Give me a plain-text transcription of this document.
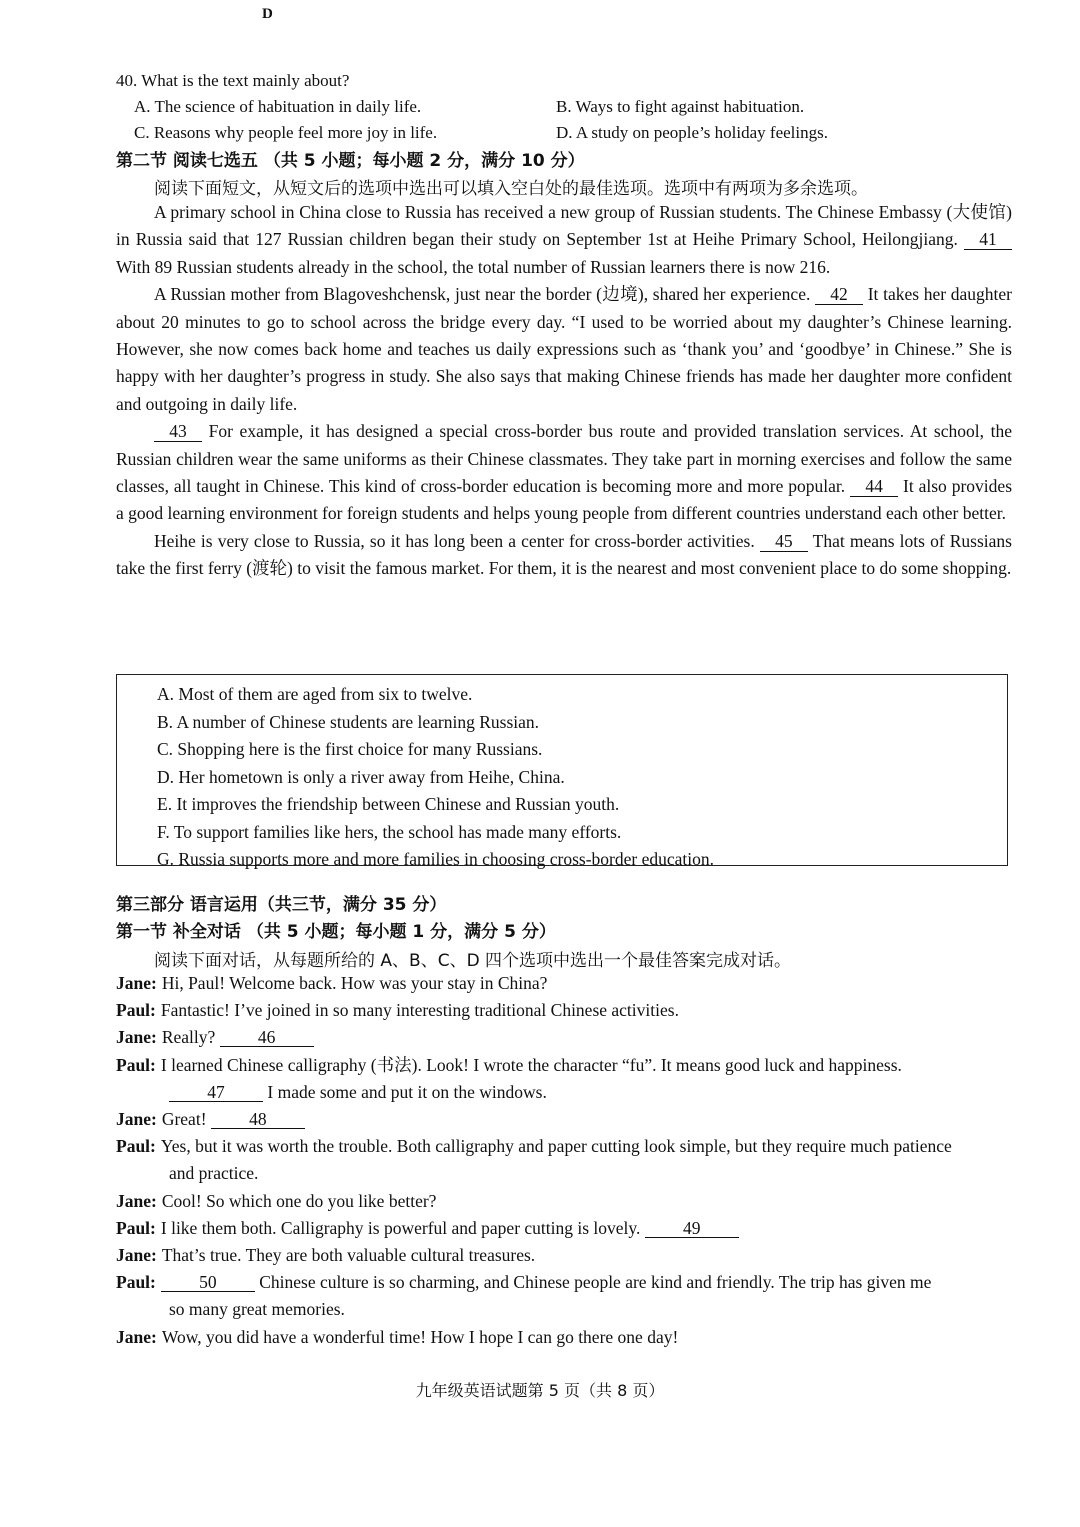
D
40. What is the text mainly about?
A. The science of habituation in daily life.	B. Ways to fight against habituation.
C. Reasons why people feel more joy in life.	D. A study on people’s holiday feelings.
第二节 阅读七选五 （共 5 小题；每小题 2 分，满分 10 分）
阅读下面短文，从短文后的选项中选出可以填入空白处的最佳选项。选项中有两项为多余选项。

A primary school in China close to Russia has received a new group of Russian students. The Chinese Embassy (大使馆) in Russia said that 127 Russian children began their study on September 1st at Heihe Primary School, Heilongjiang. 41 With 89 Russian students already in the school, the total number of Russian learners there is now 216.

A Russian mother from Blagoveshchensk, just near the border (边境), shared her experience. 42 It takes her daughter about 20 minutes to go to school across the bridge every day. “I used to be worried about my daughter’s Chinese learning. However, she now comes back home and teaches us daily expressions such as ‘thank you’ and ‘goodbye’ in Chinese.” She is happy with her daughter’s progress in study. She also says that making Chinese friends has made her daughter more confident and outgoing in daily life.

43 For example, it has designed a special cross-border bus route and provided translation services. At school, the Russian children wear the same uniforms as their Chinese classmates. They take part in morning exercises and follow the same classes, all taught in Chinese. This kind of cross-border education is becoming more and more popular. 44 It also provides a good learning environment for foreign students and helps young people from different countries understand each other better.

Heihe is very close to Russia, so it has long been a center for cross-border activities. 45 That means lots of Russians take the first ferry (渡轮) to visit the famous market. For them, it is the nearest and most convenient place to do some shopping.

A. Most of them are aged from six to twelve.
B. A number of Chinese students are learning Russian.
C. Shopping here is the first choice for many Russians.
D. Her hometown is only a river away from Heihe, China.
E. It improves the friendship between Chinese and Russian youth.
F. To support families like hers, the school has made many efforts.
G. Russia supports more and more families in choosing cross-border education.
第三部分 语言运用（共三节，满分 35 分）
第一节 补全对话 （共 5 小题；每小题 1 分，满分 5 分）
阅读下面对话，从每题所给的 A、B、C、D 四个选项中选出一个最佳答案完成对话。
Jane: Hi, Paul! Welcome back. How was your stay in China?
Paul: Fantastic! I’ve joined in so many interesting traditional Chinese activities.
Jane: Really? 46
Paul: I learned Chinese calligraphy (书法). Look! I wrote the character “fu”. It means good luck and happiness.
47 I made some and put it on the windows.
Jane: Great! 48
Paul: Yes, but it was worth the trouble. Both calligraphy and paper cutting look simple, but they require much patience
and practice.
Jane: Cool! So which one do you like better?
Paul: I like them both. Calligraphy is powerful and paper cutting is lovely. 49
Jane: That’s true. They are both valuable cultural treasures.
Paul:	50 Chinese culture is so charming, and Chinese people are kind and friendly. The trip has given me
so many great memories.
Jane: Wow, you did have a wonderful time! How I hope I can go there one day!
九年级英语试题第 5 页（共 8 页）
